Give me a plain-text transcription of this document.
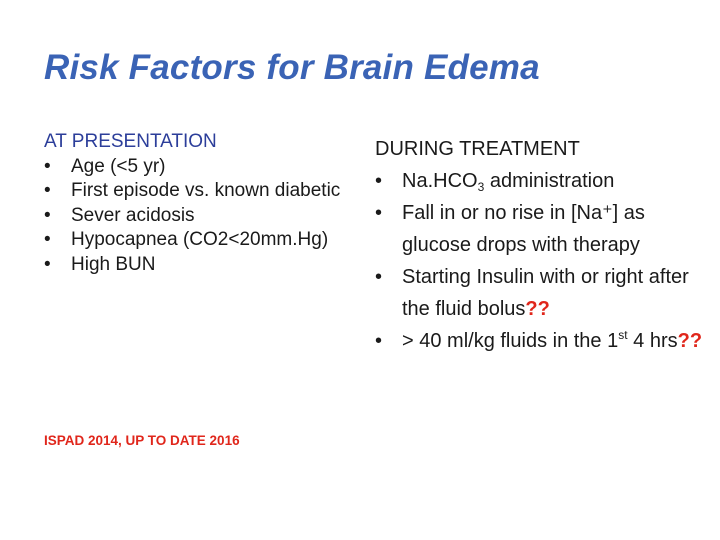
Risk Factors for Brain Edema
AT PRESENTATION
• Age (<5 yr)
• First episode vs. known diabetic
• Sever acidosis
• Hypocapnea (CO2<20mm.Hg)
• High BUN
DURING TREATMENT
• $Na.HCO_3$ administration
• Fall in or no rise in [Na⁺] as glucose drops with therapy
• Starting Insulin with or right after the fluid bolus??
• > 40 ml/kg fluids in the 1st 4 hrs??
ISPAD 2014, UP TO DATE 2016
